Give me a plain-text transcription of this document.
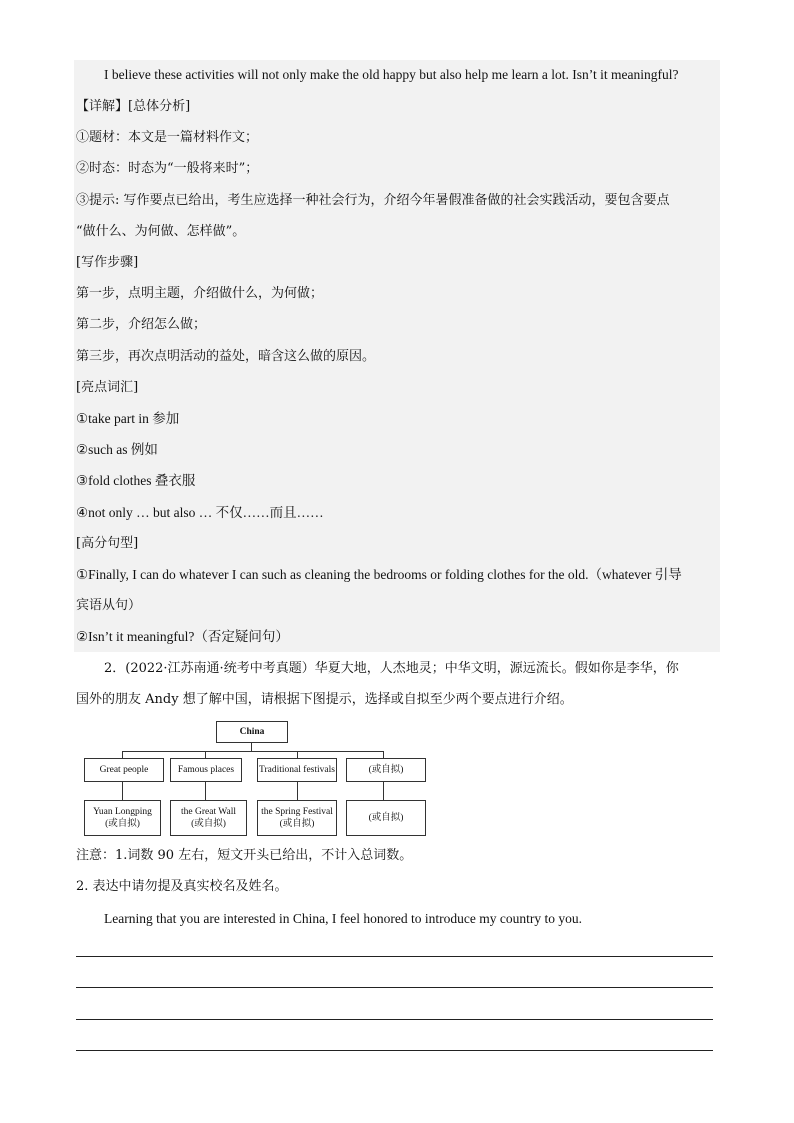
I believe these activities will not only make the old happy but also help me learn a lot. Isn’t it meaningful?
【详解】[总体分析]
①题材：本文是一篇材料作文；
②时态：时态为“一般将来时”；
③提示: 写作要点已给出，考生应选择一种社会行为，介绍今年暑假准备做的社会实践活动，要包含要点
“做什么、为何做、怎样做”。
[写作步骤]
第一步，点明主题，介绍做什么，为何做；
第二步，介绍怎么做；
第三步，再次点明活动的益处，暗含这么做的原因。
[亮点词汇]
①take part in 参加
②such as 例如
③fold clothes 叠衣服
④not only … but also … 不仅……而且……
[高分句型]
①Finally, I can do whatever I can such as cleaning the bedrooms or folding clothes for the old.（whatever 引导
宾语从句）
②Isn’t it meaningful?（否定疑问句）
2．(2022·江苏南通·统考中考真题）华夏大地，人杰地灵；中华文明，源远流长。假如你是李华，你
国外的朋友 Andy 想了解中国，请根据下图提示，选择或自拟至少两个要点进行介绍。
China
Great people	Famous places	Traditional festivals	(或自拟)
Yuan Longping
(或自拟)
the Great Wall
(或自拟)
the Spring Festival
(或自拟)
(或自拟)
注意：1.词数 90 左右，短文开头已给出，不计入总词数。
2. 表达中请勿提及真实校名及姓名。
Learning that you are interested in China, I feel honored to introduce my country to you.
